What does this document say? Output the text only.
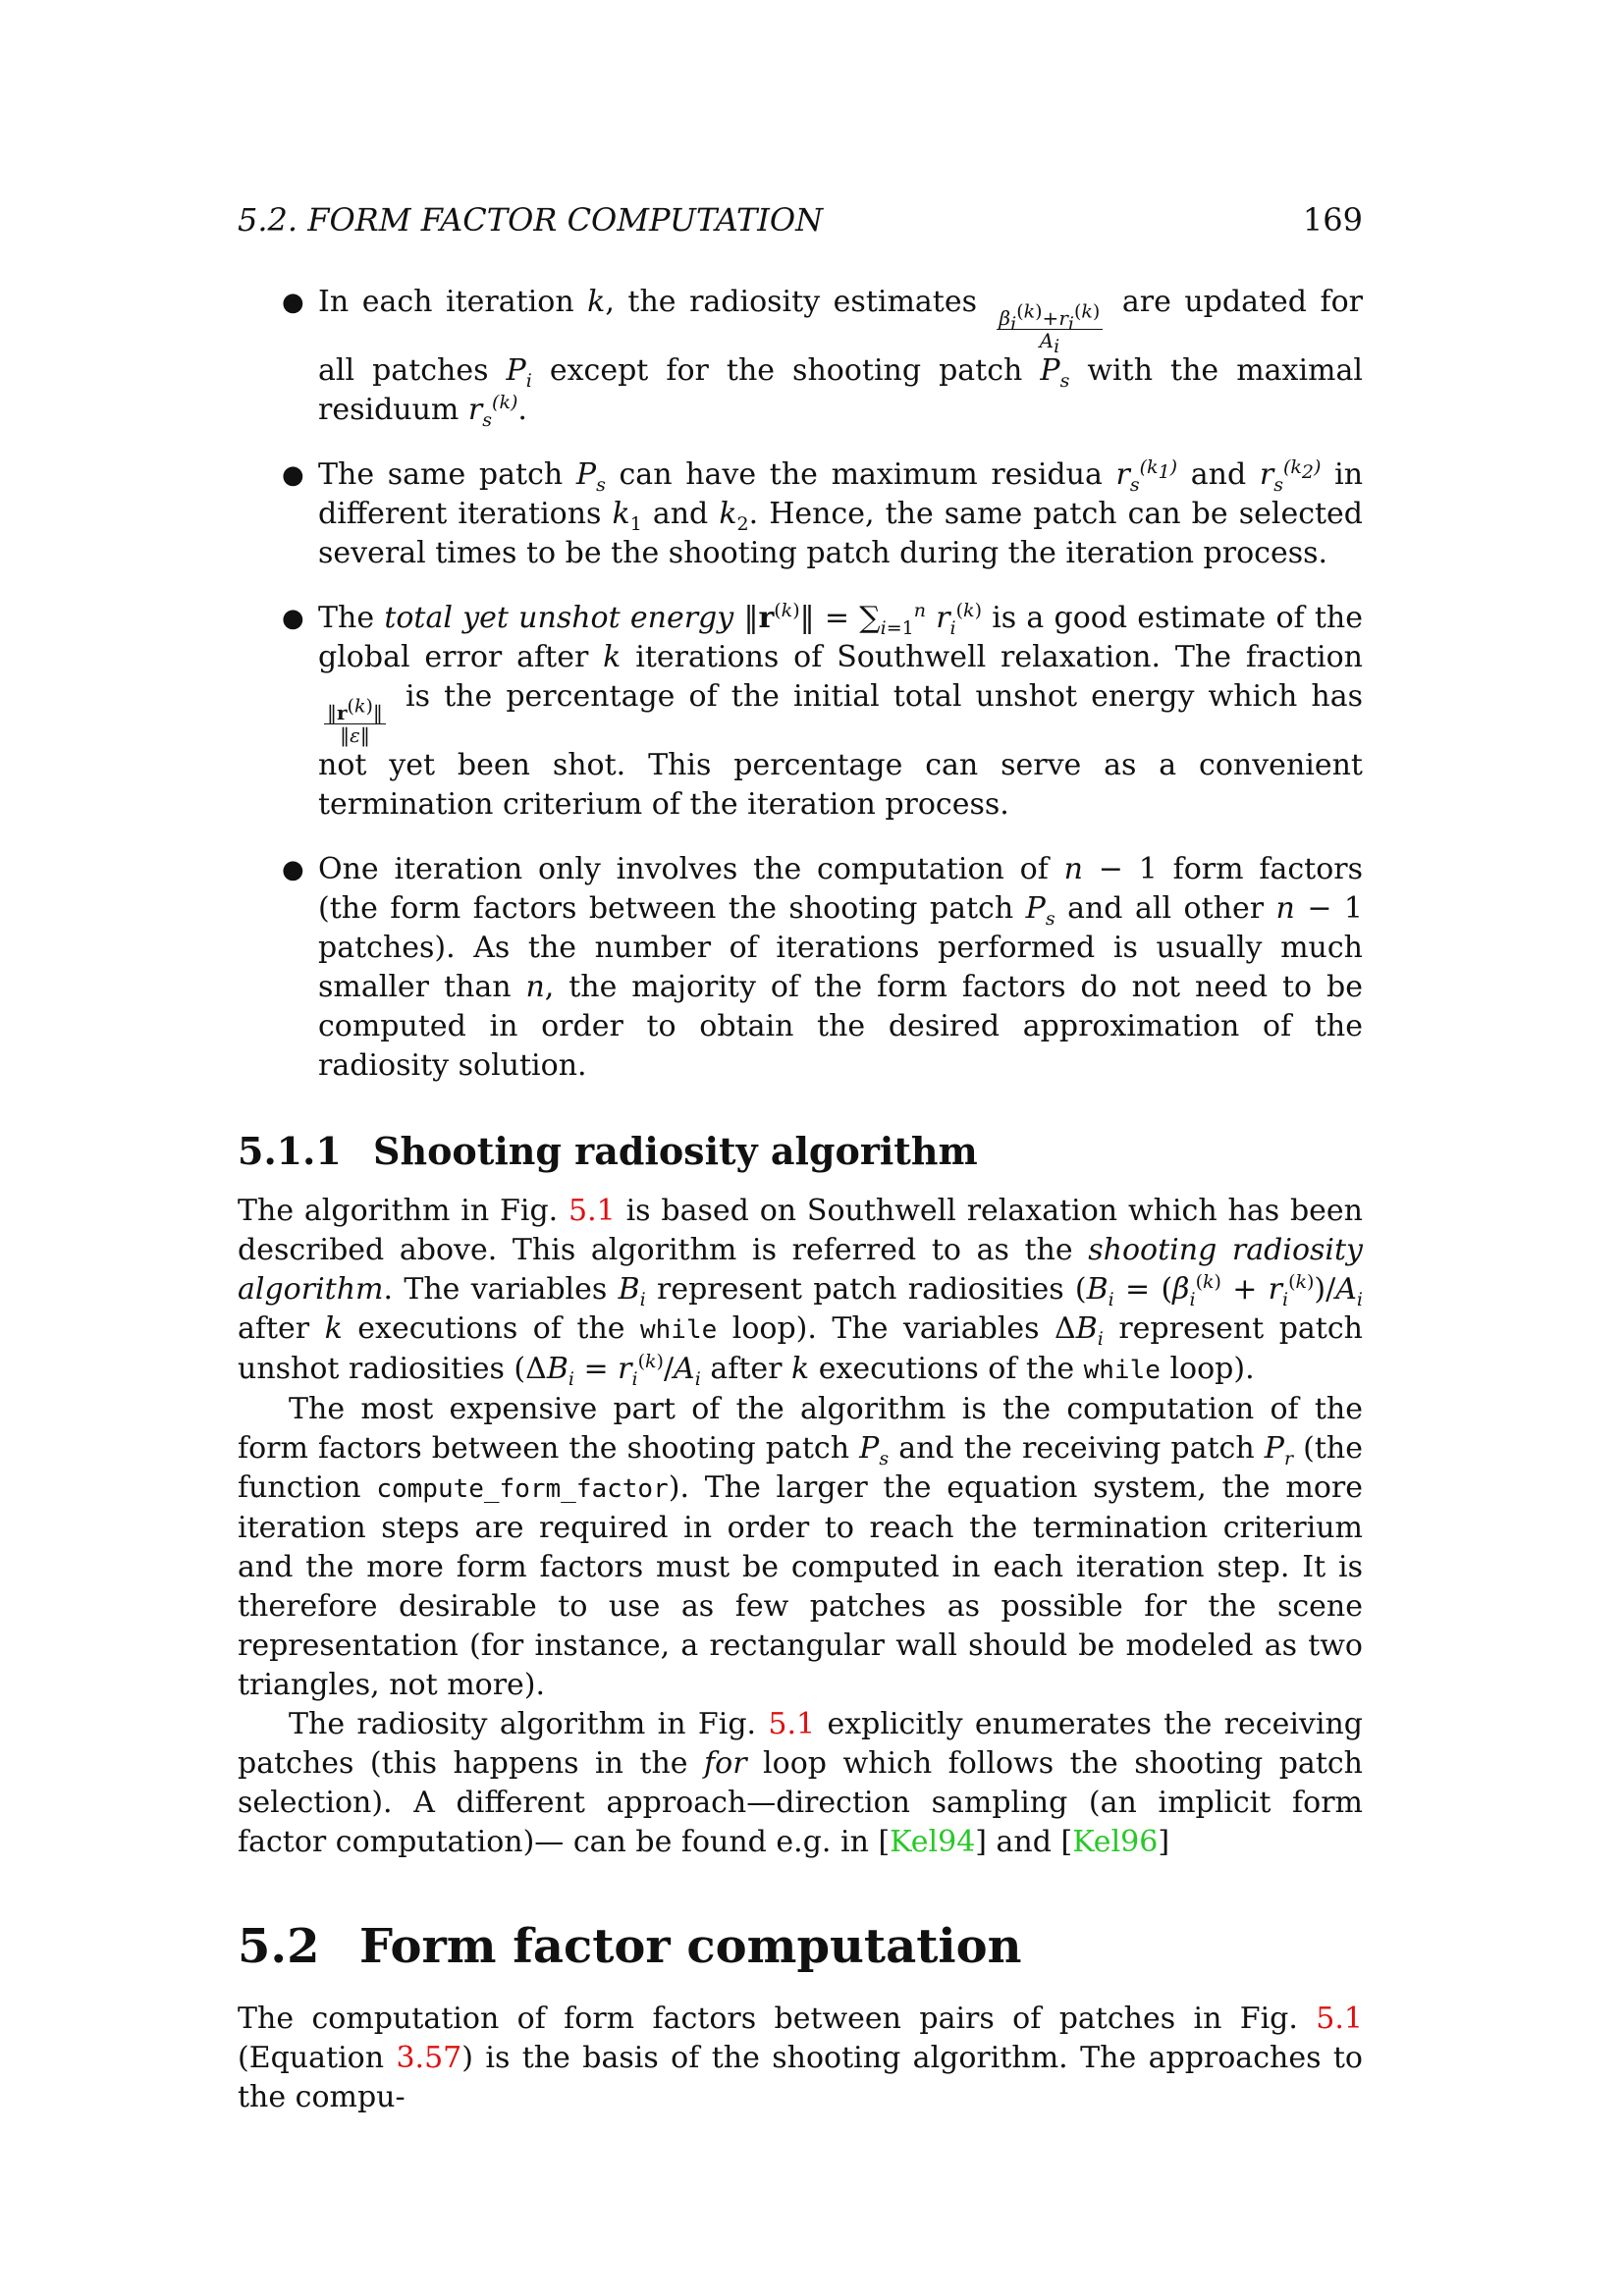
5.2. FORM FACTOR COMPUTATION	169
● In each iteration k, the radiosity estimates
$\frac{\beta_i^{(k)}+r_i^{(k)}}{A_i}$
are updated for all patches $P_i$ except for the shooting patch $P_s$ with the maximal residuum $r_s^{(k)}$.
● The same patch $P_s$ can have the maximum residua $r_s^{(k_1)}$ and $r_s^{(k_2)}$ in different iterations $k_1$ and $k_2$. Hence, the same patch can be selected several times to be the shooting patch during the iteration process.
● The total yet unshot energy $‖r^{(k)}‖ = \sum_{i=1}^n$ $r_i^{(k)}$ is a good estimate of the global error after k iterations of Southwell relaxation. The fraction
$\frac{‖r^{(k)}‖}{‖\varepsilon‖}$
is the percentage of the initial total unshot energy which has not yet been shot. This percentage can serve as a convenient termination criterium of the iteration process.
● One iteration only involves the computation of n − 1 form factors (the form factors between the shooting patch $P_s$ and all other n − 1 patches). As the number of iterations performed is usually much smaller than n, the majority of the form factors do not need to be computed in order to obtain the desired approximation of the radiosity solution.
5.1.1 Shooting radiosity algorithm

The algorithm in Fig. 5.1 is based on Southwell relaxation which has been described above. This algorithm is referred to as the shooting radiosity algorithm. The variables $B_i$ represent patch radiosities ($B_i = (\beta_i^{(k)} + r_i^{(k)})/A_i$ after k executions of the while loop). The variables $\Delta B_i$ represent patch unshot radiosities ($\Delta B_i = r_i^{(k)}/A_i$ after k executions of the while loop).

The most expensive part of the algorithm is the computation of the form factors between the shooting patch $P_s$ and the receiving patch $P_r$ (the function compute_form_factor). The larger the equation system, the more iteration steps are required in order to reach the termination criterium and the more form factors must be computed in each iteration step. It is therefore desirable to use as few patches as possible for the scene representation (for instance, a rectangular wall should be modeled as two triangles, not more).

The radiosity algorithm in Fig. 5.1 explicitly enumerates the receiving patches (this happens in the for loop which follows the shooting patch selection). A different approach—direction sampling (an implicit form factor computation)— can be found e.g. in [Kel94] and [Kel96]

5.2 Form factor computation

The computation of form factors between pairs of patches in Fig. 5.1 (Equation 3.57) is the basis of the shooting algorithm. The approaches to the compu-
